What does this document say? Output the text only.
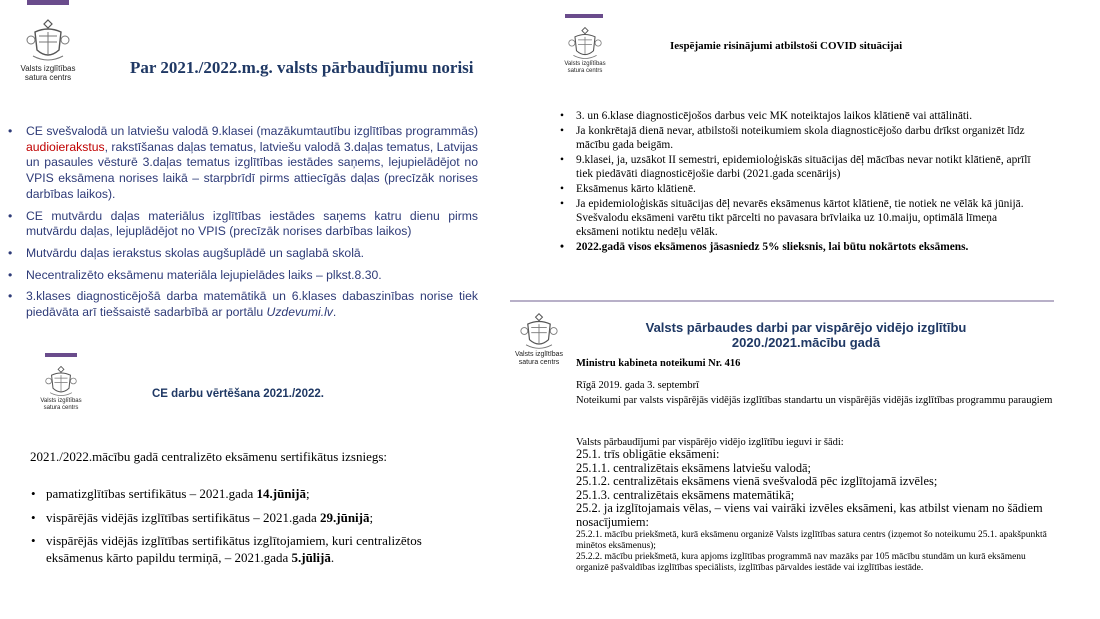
Valsts izglītības
satura centrs
Par 2021./2022.m.g. valsts pārbaudījumu norisi
• CE svešvalodā un latviešu valodā 9.klasei (mazākumtautību izglītības programmās) audioierakstus, rakstīšanas daļas tematus, latviešu valodā 3.daļas tematus, Latvijas un pasaules vēsturē 3.daļas tematus izglītības iestādes saņems, lejupielādējot no VPIS eksāmena norises laikā – starpbrīdī pirms attiecīgās daļas (precīzāk norises darbības laikos).
• CE mutvārdu daļas materiālus izglītības iestādes saņems katru dienu pirms mutvārdu daļas, lejuplādējot no VPIS (precīzāk norises darbības laikos)
• Mutvārdu daļas ierakstus skolas augšuplādē un saglabā skolā.
• Necentralizēto eksāmenu materiāla lejupielādes laiks – plkst.8.30.
• 3.klases diagnosticējošā darba matemātikā un 6.klases dabaszinības norise tiek piedāvāta arī tiešsaistē sadarbībā ar portālu Uzdevumi.lv.
Valsts izglītības
satura centrs
CE darbu vērtēšana 2021./2022.
2021./2022.mācību gadā centralizēto eksāmenu sertifikātus izsniegs:
• pamatizglītības sertifikātus – 2021.gada 14.jūnijā;
• vispārējās vidējās izglītības sertifikātus – 2021.gada 29.jūnijā;
• vispārējās vidējās izglītības sertifikātus izglītojamiem, kuri centralizētos eksāmenus kārto papildu termiņā, – 2021.gada 5.jūlijā.
Valsts izglītības
satura centrs
Iespējamie risinājumi atbilstoši COVID situācijai
• 3. un 6.klase diagnosticējošos darbus veic MK noteiktajos laikos klātienē vai attālināti.
• Ja konkrētajā dienā nevar, atbilstoši noteikumiem skola diagnosticējošo darbu drīkst organizēt līdz mācību gada beigām.
• 9.klasei, ja, uzsākot II semestri, epidemioloģiskās situācijas dēļ mācības nevar notikt klātienē, aprīlī tiek piedāvāti diagnosticējošie darbi (2021.gada scenārijs)
• Eksāmenus kārto klātienē.
• Ja epidemioloģiskās situācijas dēļ nevarēs eksāmenus kārtot klātienē, tie notiek ne vēlāk kā jūnijā. Svešvalodu eksāmeni varētu tikt pārcelti no pavasara brīvlaika uz 10.maiju, optimālā līmeņa eksāmeni notiktu nedēļu vēlāk.
• 2022.gadā visos eksāmenos jāsasniedz 5% slieksnis, lai būtu nokārtots eksāmens.
Valsts izglītības
satura centrs
Valsts pārbaudes darbi par vispārējo vidējo izglītību 2020./2021.mācību gadā
Ministru kabineta noteikumi Nr. 416
Rīgā 2019. gada 3. septembrī
Noteikumi par valsts vispārējās vidējās izglītības standartu un vispārējās vidējās izglītības programmu paraugiem
Valsts pārbaudījumi par vispārējo vidējo izglītību ieguvi ir šādi:
25.1. trīs obligātie eksāmeni:
25.1.1. centralizētais eksāmens latviešu valodā;
25.1.2. centralizētais eksāmens vienā svešvalodā pēc izglītojamā izvēles;
25.1.3. centralizētais eksāmens matemātikā;
25.2. ja izglītojamais vēlas, – viens vai vairāki izvēles eksāmeni, kas atbilst vienam no šādiem nosacījumiem:
25.2.1. mācību priekšmetā, kurā eksāmenu organizē Valsts izglītības satura centrs (izņemot šo noteikumu 25.1. apakšpunktā minētos eksāmenus);
25.2.2. mācību priekšmetā, kura apjoms izglītības programmā nav mazāks par 105 mācību stundām un kurā eksāmenu organizē pašvaldības izglītības speciālists, izglītības pārvaldes iestāde vai izglītības iestāde.
